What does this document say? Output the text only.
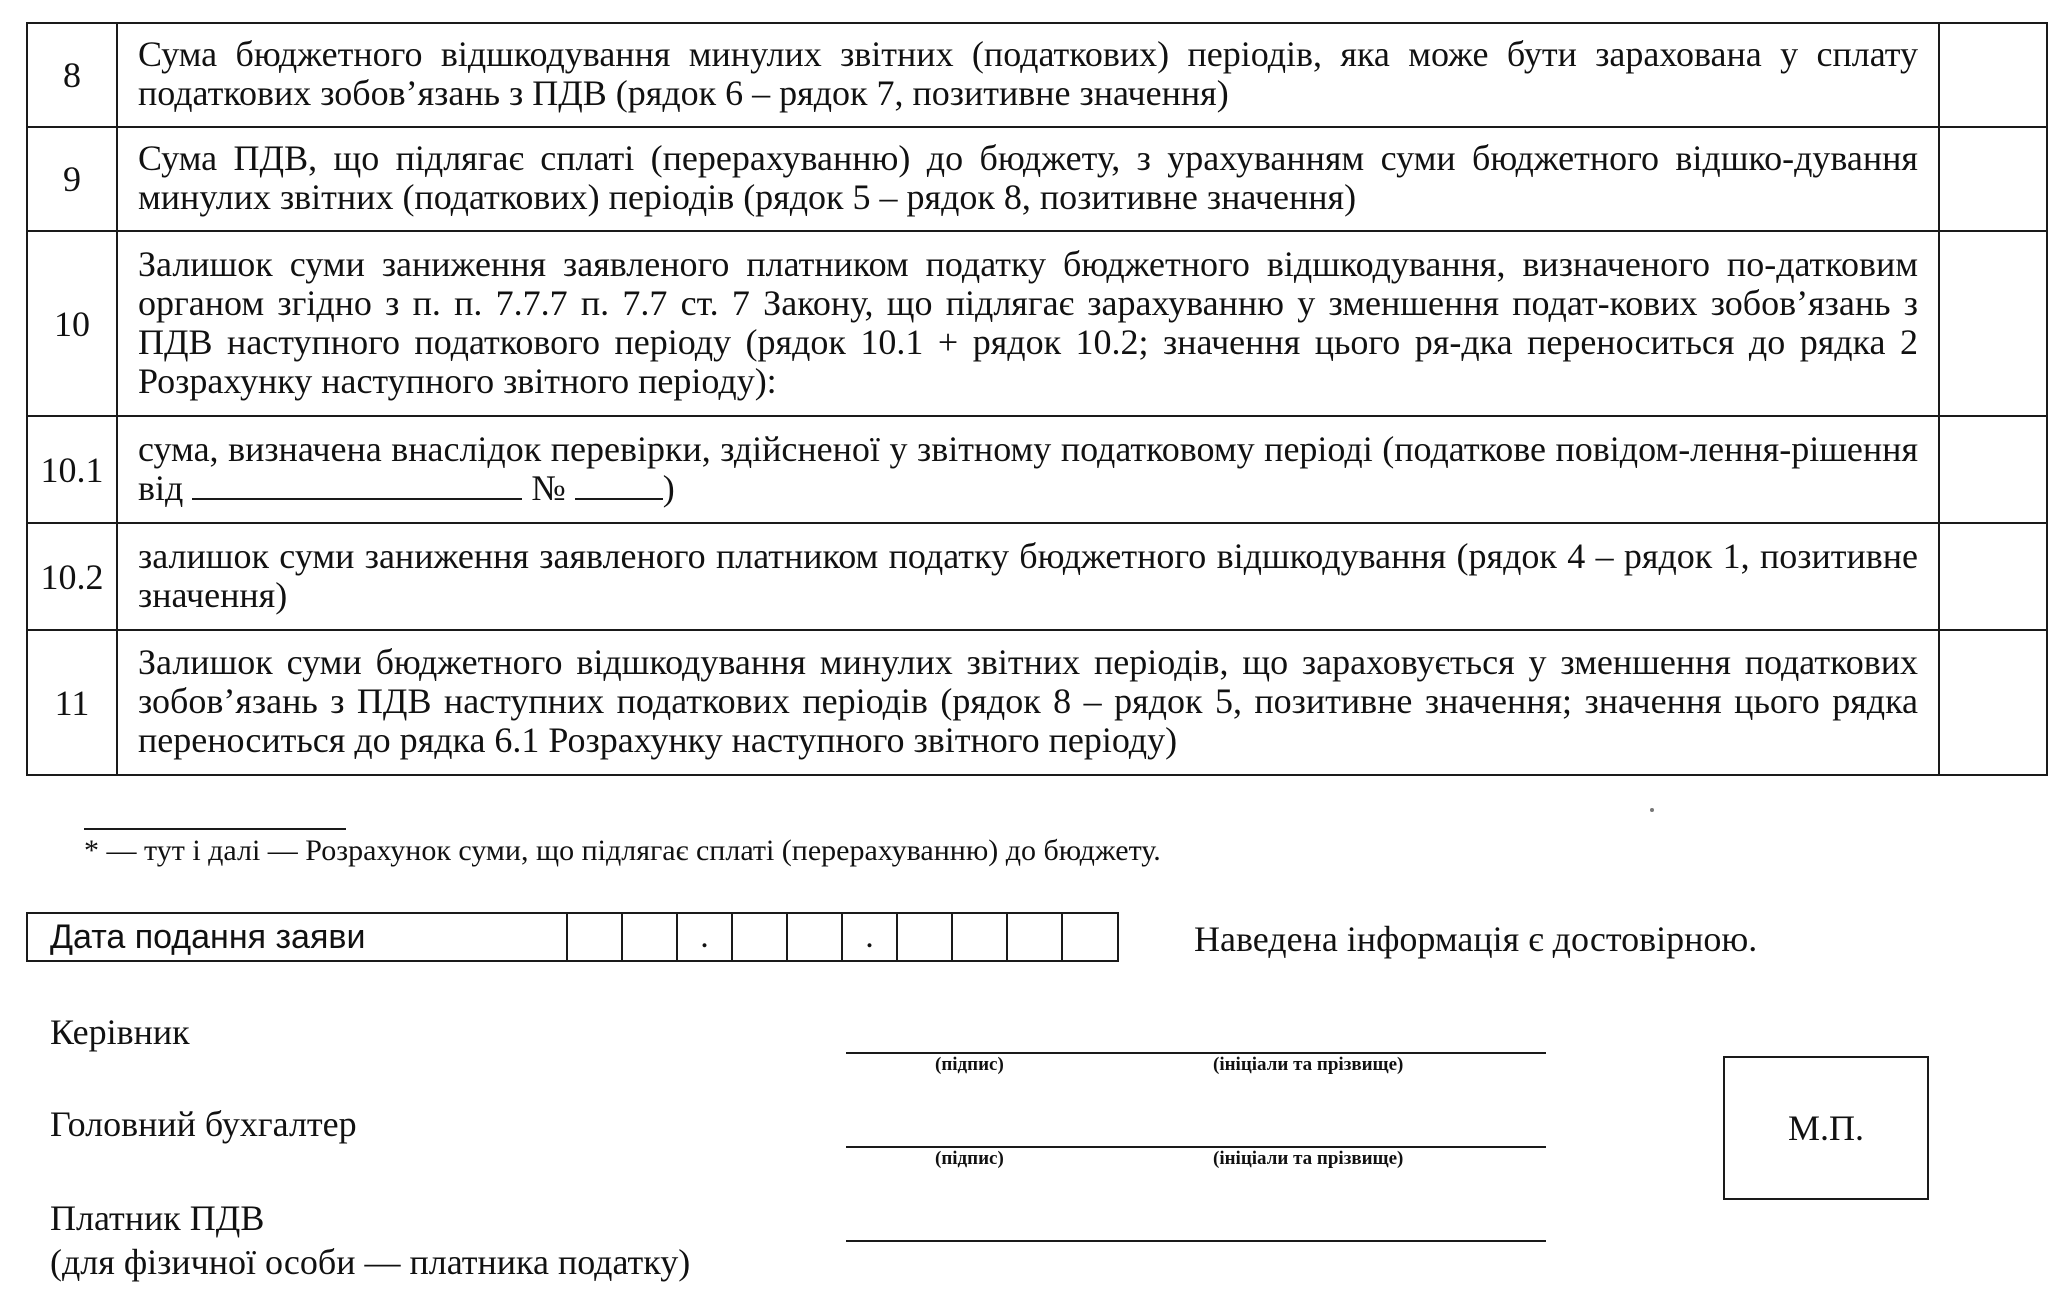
8	Сума бюджетного відшкодування минулих звітних (податкових) періодів, яка може бути зарахована у сплату податкових зобов’язань з ПДВ (рядок 6 – рядок 7, позитивне значення)	
9	Сума ПДВ, що підлягає сплаті (перерахуванню) до бюджету, з урахуванням суми бюджетного відшко-дування минулих звітних (податкових) періодів (рядок 5 – рядок 8, позитивне значення)	
10	Залишок суми заниження заявленого платником податку бюджетного відшкодування, визначеного по-датковим органом згідно з п. п. 7.7.7 п. 7.7 ст. 7 Закону, що підлягає зарахуванню у зменшення подат-кових зобов’язань з ПДВ наступного податкового періоду (рядок 10.1 + рядок 10.2; значення цього ря-дка переноситься до рядка 2 Розрахунку наступного звітного періоду):	
10.1	сума, визначена внаслідок перевірки, здійсненої у звітному податковому періоді (податкове повідом-лення-рішення від № )	
10.2	залишок суми заниження заявленого платником податку бюджетного відшкодування (рядок 4 – рядок 1, позитивне значення)	
11	Залишок суми бюджетного відшкодування минулих звітних періодів, що зараховується у зменшення податкових зобов’язань з ПДВ наступних податкових періодів (рядок 8 – рядок 5, позитивне значення; значення цього рядка переноситься до рядка 6.1 Розрахунку наступного звітного періоду)	
* — тут і далі — Розрахунок суми, що підлягає сплаті (перерахуванню) до бюджету.
Дата подання заяви	.	.	Наведена інформація є достовірною.
Керівник
(підпис)	(ініціали та прізвище)
Головний бухгалтер
(підпис)	(ініціали та прізвище)
Платник ПДВ
(для фізичної особи — платника податку)
М.П.
